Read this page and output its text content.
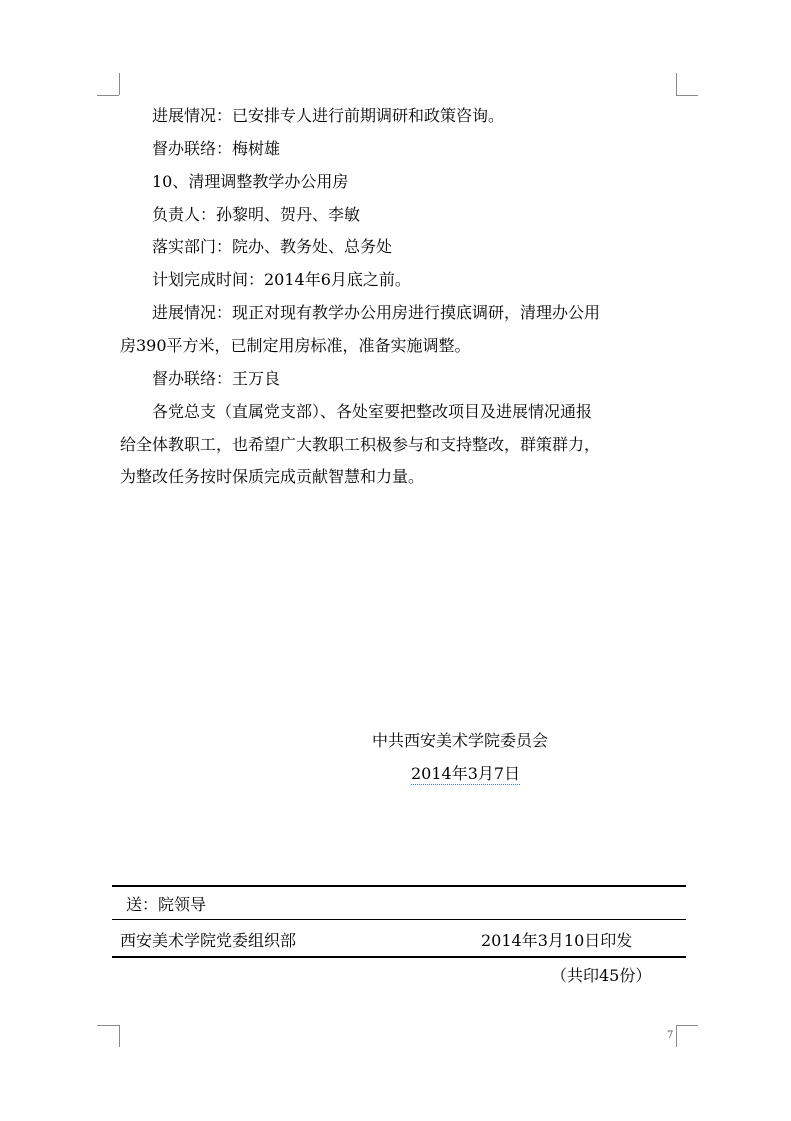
进展情况：已安排专人进行前期调研和政策咨询。
督办联络：梅树雄
10、清理调整教学办公用房
负责人：孙黎明、贺丹、李敏
落实部门：院办、教务处、总务处
计划完成时间：2014年6月底之前。
进展情况：现正对现有教学办公用房进行摸底调研，清理办公用
房390平方米，已制定用房标准，准备实施调整。
督办联络：王万良
各党总支（直属党支部）、各处室要把整改项目及进展情况通报
给全体教职工，也希望广大教职工积极参与和支持整改，群策群力，
为整改任务按时保质完成贡献智慧和力量。
中共西安美术学院委员会
2014年3月7日
送：院领导
西安美术学院党委组织部	2014年3月10日印发
（共印45份）
7
